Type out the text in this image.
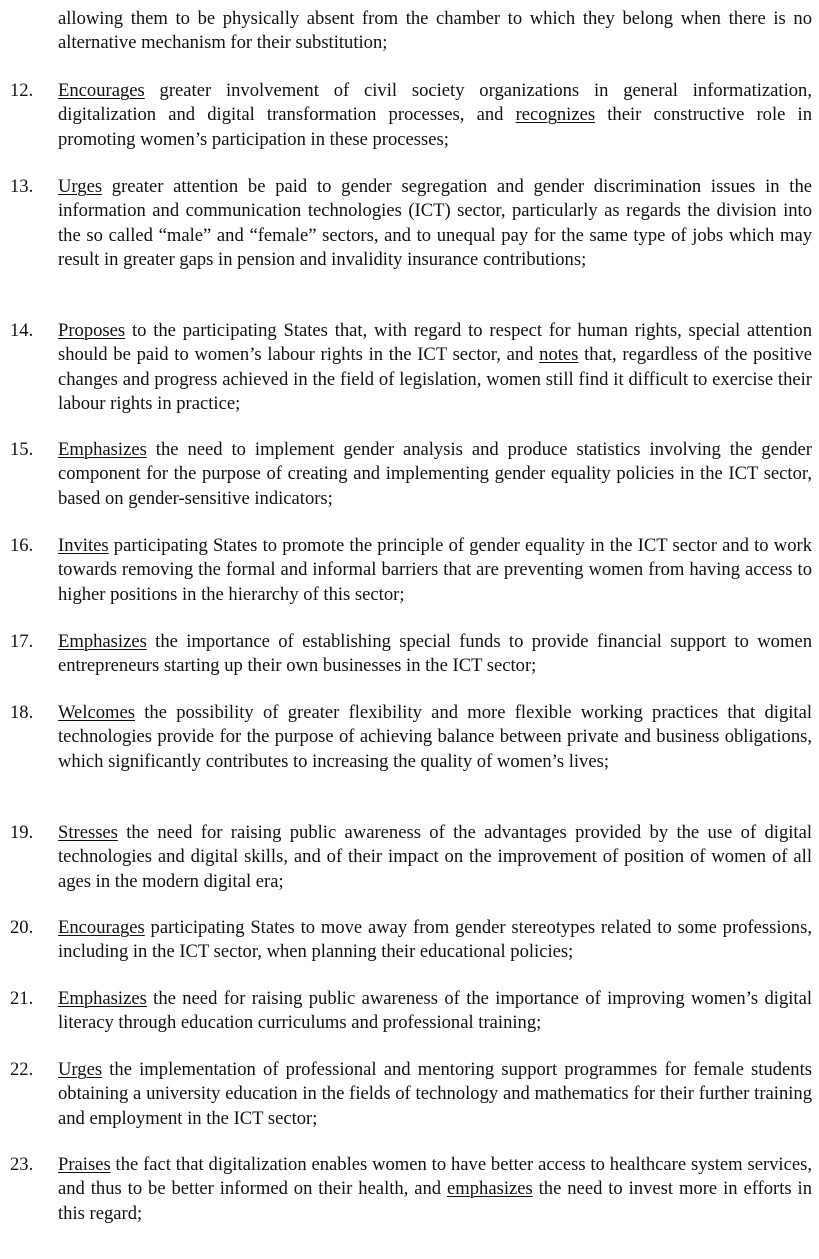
allowing them to be physically absent from the chamber to which they belong when there is no alternative mechanism for their substitution;
12. Encourages greater involvement of civil society organizations in general informatization, digitalization and digital transformation processes, and recognizes their constructive role in promoting women’s participation in these processes;
13. Urges greater attention be paid to gender segregation and gender discrimination issues in the information and communication technologies (ICT) sector, particularly as regards the division into the so called “male” and “female” sectors, and to unequal pay for the same type of jobs which may result in greater gaps in pension and invalidity insurance contributions;
14. Proposes to the participating States that, with regard to respect for human rights, special attention should be paid to women’s labour rights in the ICT sector, and notes that, regardless of the positive changes and progress achieved in the field of legislation, women still find it difficult to exercise their labour rights in practice;
15. Emphasizes the need to implement gender analysis and produce statistics involving the gender component for the purpose of creating and implementing gender equality policies in the ICT sector, based on gender-sensitive indicators;
16. Invites participating States to promote the principle of gender equality in the ICT sector and to work towards removing the formal and informal barriers that are preventing women from having access to higher positions in the hierarchy of this sector;
17. Emphasizes the importance of establishing special funds to provide financial support to women entrepreneurs starting up their own businesses in the ICT sector;
18. Welcomes the possibility of greater flexibility and more flexible working practices that digital technologies provide for the purpose of achieving balance between private and business obligations, which significantly contributes to increasing the quality of women’s lives;
19. Stresses the need for raising public awareness of the advantages provided by the use of digital technologies and digital skills, and of their impact on the improvement of position of women of all ages in the modern digital era;
20. Encourages participating States to move away from gender stereotypes related to some professions, including in the ICT sector, when planning their educational policies;
21. Emphasizes the need for raising public awareness of the importance of improving women’s digital literacy through education curriculums and professional training;
22. Urges the implementation of professional and mentoring support programmes for female students obtaining a university education in the fields of technology and mathematics for their further training and employment in the ICT sector;
23. Praises the fact that digitalization enables women to have better access to healthcare system services, and thus to be better informed on their health, and emphasizes the need to invest more in efforts in this regard;
